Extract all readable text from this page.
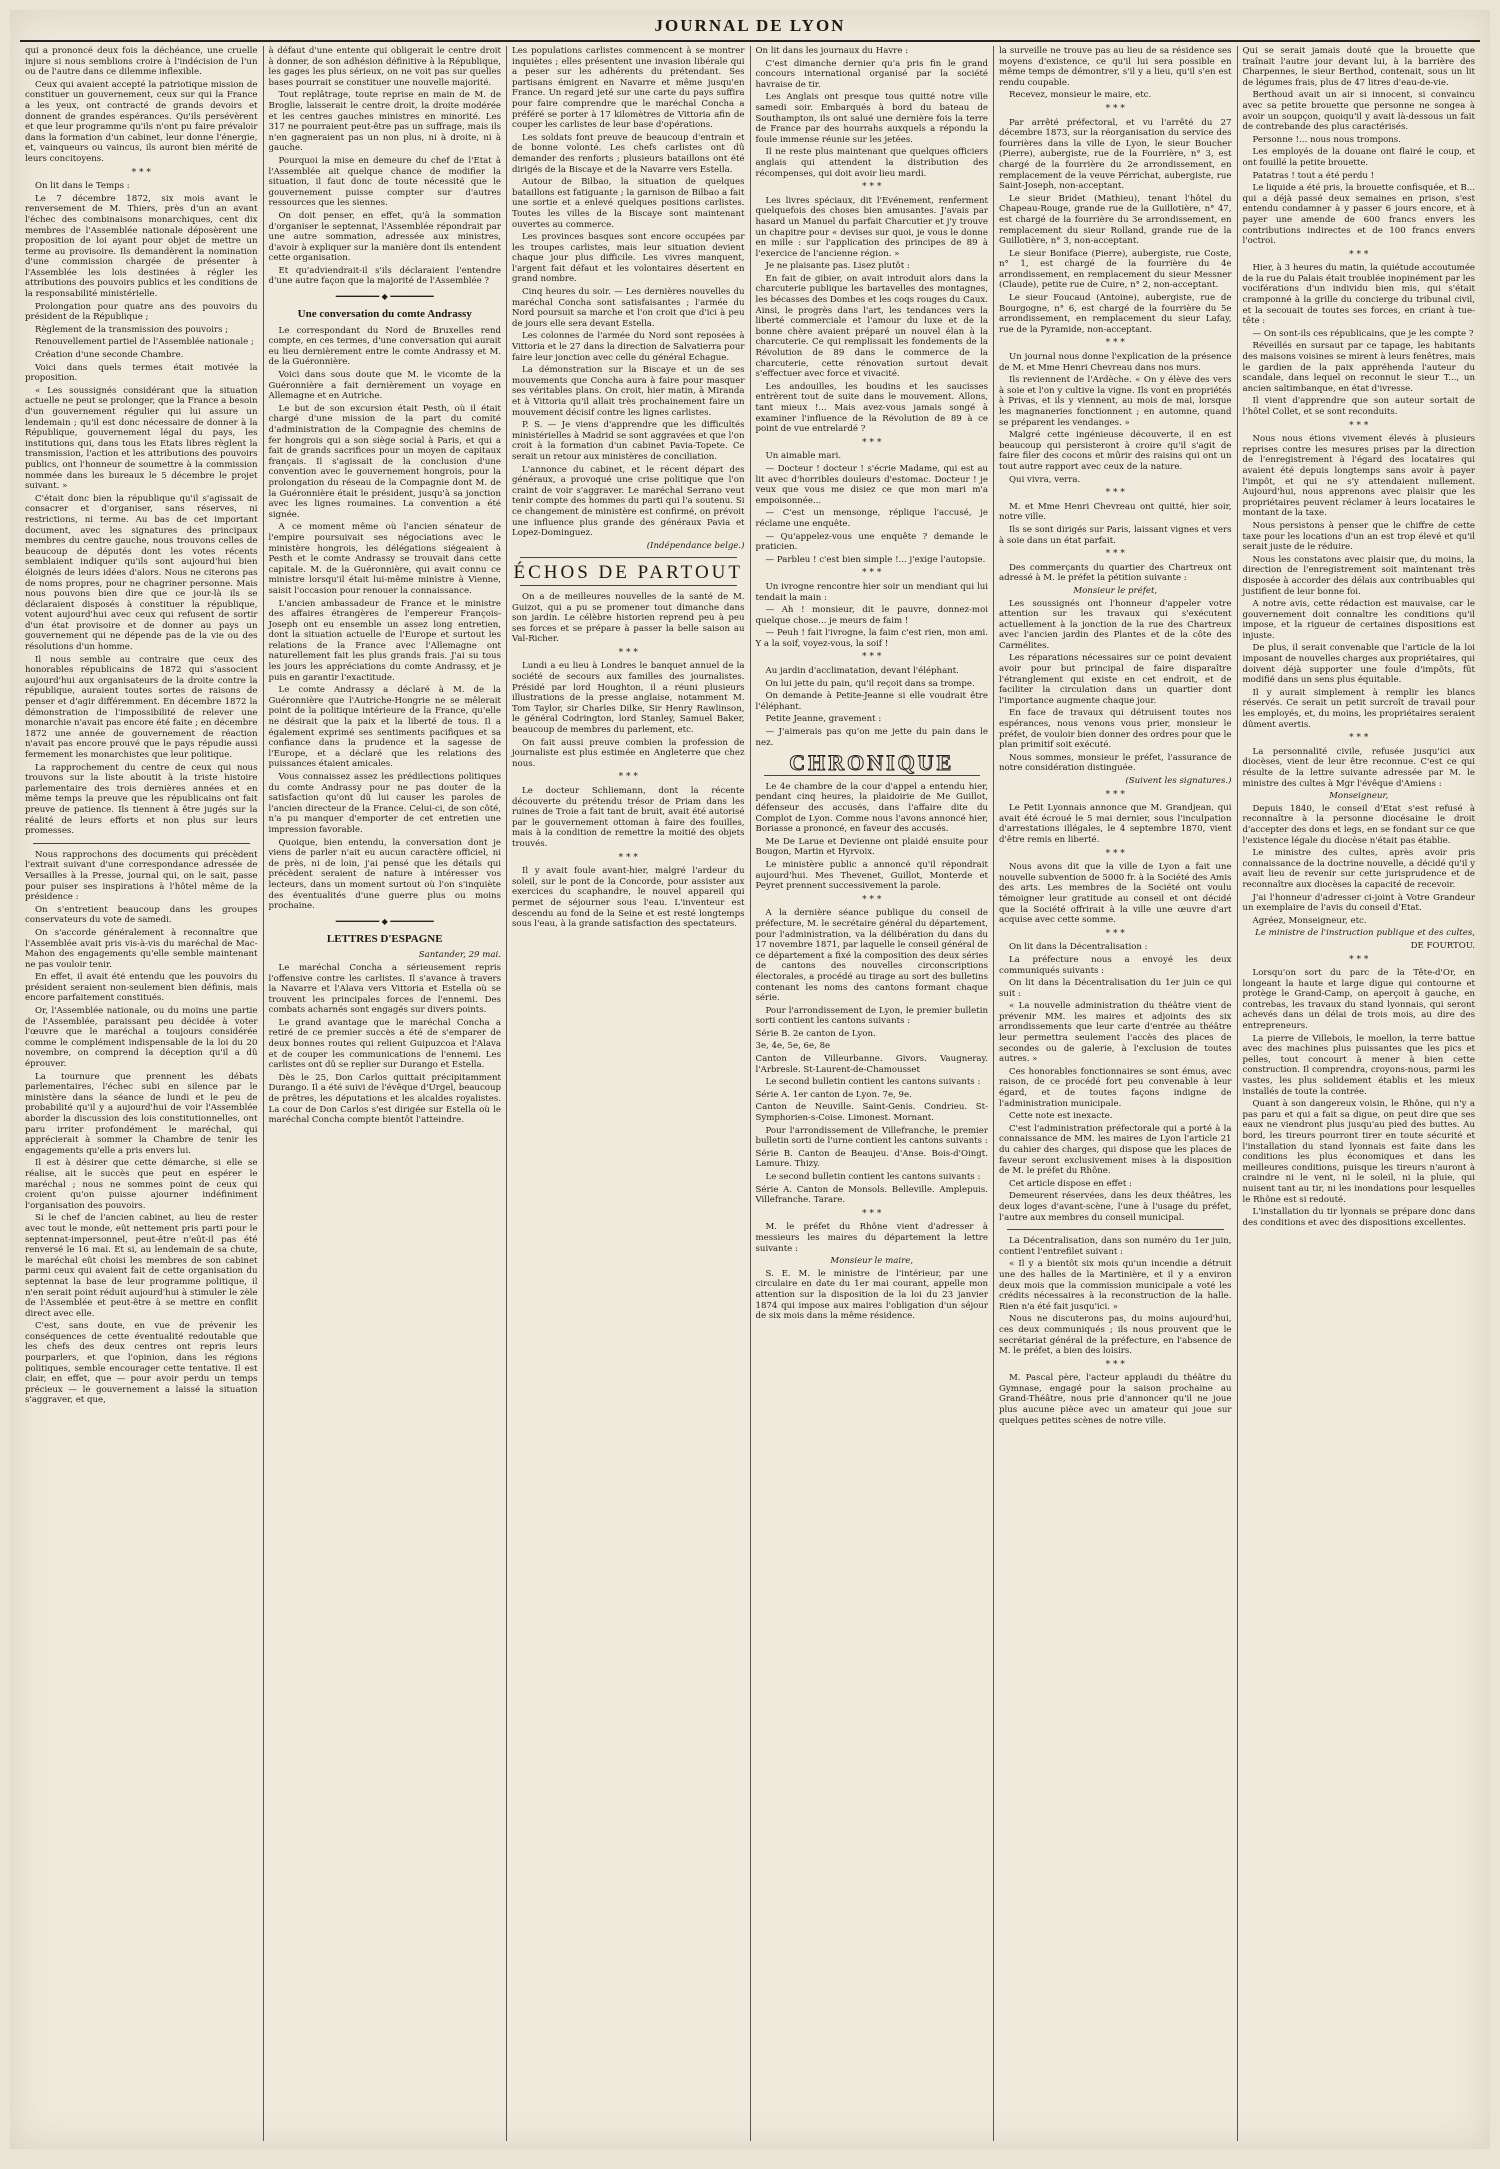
JOURNAL DE LYON

qui a prononcé deux fois la déchéance, une cruelle injure si nous semblions croire à l'indécision de l'un ou de l'autre dans ce dilemme inflexible.

Ceux qui avaient accepté la patriotique mission de constituer un gouvernement, ceux sur qui la France a les yeux, ont contracté de grands devoirs et donnent de grandes espérances. Qu'ils persévèrent et que leur programme qu'ils n'ont pu faire prévaloir dans la formation d'un cabinet, leur donne l'énergie, et, vainqueurs ou vaincus, ils auront bien mérité de leurs concitoyens.

* * *

On lit dans le Temps :

Le 7 décembre 1872, six mois avant le renversement de M. Thiers, près d'un an avant l'échec des combinaisons monarchiques, cent dix membres de l'Assemblée nationale déposèrent une proposition de loi ayant pour objet de mettre un terme au provisoire. Ils demandèrent la nomination d'une commission chargée de présenter à l'Assemblée les lois destinées à régler les attributions des pouvoirs publics et les conditions de la responsabilité ministérielle.

Prolongation pour quatre ans des pouvoirs du président de la République ;

Règlement de la transmission des pouvoirs ;

Renouvellement partiel de l'Assemblée nationale ;

Création d'une seconde Chambre.

Voici dans quels termes était motivée la proposition.

« Les soussignés considérant que la situation actuelle ne peut se prolonger, que la France a besoin d'un gouvernement régulier qui lui assure un lendemain ; qu'il est donc nécessaire de donner à la République, gouvernement légal du pays, les institutions qui, dans tous les Etats libres règlent la transmission, l'action et les attributions des pouvoirs publics, ont l'honneur de soumettre à la commission nommée dans les bureaux le 5 décembre le projet suivant. »

C'était donc bien la république qu'il s'agissait de consacrer et d'organiser, sans réserves, ni restrictions, ni terme. Au bas de cet important document, avec les signatures des principaux membres du centre gauche, nous trouvons celles de beaucoup de députés dont les votes récents semblaient indiquer qu'ils sont aujourd'hui bien éloignés de leurs idées d'alors. Nous ne citerons pas de noms propres, pour ne chagriner personne. Mais nous pouvons bien dire que ce jour-là ils se déclaraient disposés à constituer la république, votent aujourd'hui avec ceux qui refusent de sortir d'un état provisoire et de donner au pays un gouvernement qui ne dépende pas de la vie ou des résolutions d'un homme.

Il nous semble au contraire que ceux des honorables républicains de 1872 qui s'associent aujourd'hui aux organisateurs de la droite contre la république, auraient toutes sortes de raisons de penser et d'agir différemment. En décembre 1872 la démonstration de l'impossibilité de relever une monarchie n'avait pas encore été faite ; en décembre 1872 une année de gouvernement de réaction n'avait pas encore prouvé que le pays répudie aussi fermement les monarchistes que leur politique.

La rapprochement du centre de ceux qui nous trouvons sur la liste aboutit à la triste histoire parlementaire des trois dernières années et en même temps la preuve que les républicains ont fait preuve de patience. Ils tiennent à être jugés sur la réalité de leurs efforts et non plus sur leurs promesses.

Nous rapprochons des documents qui précèdent l'extrait suivant d'une correspondance adressée de Versailles à la Presse, journal qui, on le sait, passe pour puiser ses inspirations à l'hôtel même de la présidence :

On s'entretient beaucoup dans les groupes conservateurs du vote de samedi.

On s'accorde généralement à reconnaître que l'Assemblée avait pris vis-à-vis du maréchal de Mac-Mahon des engagements qu'elle semble maintenant ne pas vouloir tenir.

En effet, il avait été entendu que les pouvoirs du président seraient non-seulement bien définis, mais encore parfaitement constitués.

Or, l'Assemblée nationale, ou du moins une partie de l'Assemblée, paraissant peu décidée à voter l'œuvre que le maréchal a toujours considérée comme le complément indispensable de la loi du 20 novembre, on comprend la déception qu'il a dû éprouver.

La tournure que prennent les débats parlementaires, l'échec subi en silence par le ministère dans la séance de lundi et le peu de probabilité qu'il y a aujourd'hui de voir l'Assemblée aborder la discussion des lois constitutionnelles, ont paru irriter profondément le maréchal, qui apprécierait à sommer la Chambre de tenir les engagements qu'elle a pris envers lui.

Il est à désirer que cette démarche, si elle se réalise, ait le succès que peut en espérer le maréchal ; nous ne sommes point de ceux qui croient qu'on puisse ajourner indéfiniment l'organisation des pouvoirs.

Si le chef de l'ancien cabinet, au lieu de rester avec tout le monde, eût nettement pris parti pour le septennat-impersonnel, peut-être n'eût-il pas été renversé le 16 mai. Et si, au lendemain de sa chute, le maréchal eût choisi les membres de son cabinet parmi ceux qui avaient fait de cette organisation du septennat la base de leur programme politique, il n'en serait point réduit aujourd'hui à stimuler le zèle de l'Assemblée et peut-être à se mettre en conflit direct avec elle.

C'est, sans doute, en vue de prévenir les conséquences de cette éventualité redoutable que les chefs des deux centres ont repris leurs pourparlers, et que l'opinion, dans les régions politiques, semble encourager cette tentative. Il est clair, en effet, que — pour avoir perdu un temps précieux — le gouvernement a laissé la situation s'aggraver, et que,

à défaut d'une entente qui obligerait le centre droit à donner, de son adhésion définitive à la République, les gages les plus sérieux, on ne voit pas sur quelles bases pourrait se constituer une nouvelle majorité.

Tout replâtrage, toute reprise en main de M. de Broglie, laisserait le centre droit, la droite modérée et les centres gauches ministres en minorité. Les 317 ne pourraient peut-être pas un suffrage, mais ils n'en gagneraient pas un non plus, ni à droite, ni à gauche.

Pourquoi la mise en demeure du chef de l'Etat à l'Assemblée ait quelque chance de modifier la situation, il faut donc de toute nécessité que le gouvernement puisse compter sur d'autres ressources que les siennes.

On doit penser, en effet, qu'à la sommation d'organiser le septennat, l'Assemblée répondrait par une autre sommation, adressée aux ministres, d'avoir à expliquer sur la manière dont ils entendent cette organisation.

Et qu'adviendrait-il s'ils déclaraient l'entendre d'une autre façon que la majorité de l'Assemblée ?

━━━━━━━━━ ◆ ━━━━━━━━━
Une conversation du comte Andrassy

Le correspondant du Nord de Bruxelles rend compte, en ces termes, d'une conversation qui aurait eu lieu dernièrement entre le comte Andrassy et M. de la Guéronnière.

Voici dans sous doute que M. le vicomte de la Guéronnière a fait dernièrement un voyage en Allemagne et en Autriche.

Le but de son excursion était Pesth, où il était chargé d'une mission de la part du comité d'administration de la Compagnie des chemins de fer hongrois qui a son siège social à Paris, et qui a fait de grands sacrifices pour un moyen de capitaux français. Il s'agissait de la conclusion d'une convention avec le gouvernement hongrois, pour la prolongation du réseau de la Compagnie dont M. de la Guéronnière était le président, jusqu'à sa jonction avec les lignes roumaines. La convention a été signée.

A ce moment même où l'ancien sénateur de l'empire poursuivait ses négociations avec le ministère hongrois, les délégations siégeaient à Pesth et le comte Andrassy se trouvait dans cette capitale. M. de la Guéronnière, qui avait connu ce ministre lorsqu'il était lui-même ministre à Vienne, saisit l'occasion pour renouer la connaissance.

L'ancien ambassadeur de France et le ministre des affaires étrangères de l'empereur François-Joseph ont eu ensemble un assez long entretien, dont la situation actuelle de l'Europe et surtout les relations de la France avec l'Allemagne ont naturellement fait les plus grands frais. J'ai su tous les jours les appréciations du comte Andrassy, et je puis en garantir l'exactitude.

Le comte Andrassy a déclaré à M. de la Guéronnière que l'Autriche-Hongrie ne se mêlerait point de la politique intérieure de la France, qu'elle ne désirait que la paix et la liberté de tous. Il a également exprimé ses sentiments pacifiques et sa confiance dans la prudence et la sagesse de l'Europe, et a déclaré que les relations des puissances étaient amicales.

Vous connaissez assez les prédilections politiques du comte Andrassy pour ne pas douter de la satisfaction qu'ont dû lui causer les paroles de l'ancien directeur de la France. Celui-ci, de son côté, n'a pu manquer d'emporter de cet entretien une impression favorable.

Quoique, bien entendu, la conversation dont je viens de parler n'ait eu aucun caractère officiel, ni de près, ni de loin, j'ai pensé que les détails qui précèdent seraient de nature à intéresser vos lecteurs, dans un moment surtout où l'on s'inquiète des éventualités d'une guerre plus ou moins prochaine.

━━━━━━━━━ ◆ ━━━━━━━━━
LETTRES D'ESPAGNE

Santander, 29 mai.

Le maréchal Concha a sérieusement repris l'offensive contre les carlistes. Il s'avance à travers la Navarre et l'Alava vers Vittoria et Estella où se trouvent les principales forces de l'ennemi. Des combats acharnés sont engagés sur divers points.

Le grand avantage que le maréchal Concha a retiré de ce premier succès a été de s'emparer de deux bonnes routes qui relient Guipuzcoa et l'Alava et de couper les communications de l'ennemi. Les carlistes ont dû se replier sur Durango et Estella.

Dès le 25, Don Carlos quittait précipitamment Durango. Il a été suivi de l'évêque d'Urgel, beaucoup de prêtres, les députations et les alcaldes royalistes. La cour de Don Carlos s'est dirigée sur Estella où le maréchal Concha compte bientôt l'atteindre.

Les populations carlistes commencent à se montrer inquiètes ; elles présentent une invasion libérale qui a peser sur les adhérents du prétendant. Ses partisans émigrent en Navarre et même jusqu'en France. Un regard jeté sur une carte du pays suffira pour faire comprendre que le maréchal Concha a préféré se porter à 17 kilomètres de Vittoria afin de couper les carlistes de leur base d'opérations.

Les soldats font preuve de beaucoup d'entrain et de bonne volonté. Les chefs carlistes ont dû demander des renforts ; plusieurs bataillons ont été dirigés de la Biscaye et de la Navarre vers Estella.

Autour de Bilbao, la situation de quelques bataillons est fatiguante ; la garnison de Bilbao a fait une sortie et a enlevé quelques positions carlistes. Toutes les villes de la Biscaye sont maintenant ouvertes au commerce.

Les provinces basques sont encore occupées par les troupes carlistes, mais leur situation devient chaque jour plus difficile. Les vivres manquent, l'argent fait défaut et les volontaires désertent en grand nombre.

Cinq heures du soir. — Les dernières nouvelles du maréchal Concha sont satisfaisantes ; l'armée du Nord poursuit sa marche et l'on croit que d'ici à peu de jours elle sera devant Estella.

Les colonnes de l'armée du Nord sont reposées à Vittoria et le 27 dans la direction de Salvatierra pour faire leur jonction avec celle du général Echague.

La démonstration sur la Biscaye et un de ses mouvements que Concha aura à faire pour masquer ses véritables plans. On croit, hier matin, à Miranda et à Vittoria qu'il allait très prochainement faire un mouvement décisif contre les lignes carlistes.

P. S. — Je viens d'apprendre que les difficultés ministérielles à Madrid se sont aggravées et que l'on croit à la formation d'un cabinet Pavia-Topete. Ce serait un retour aux ministères de conciliation.

L'annonce du cabinet, et le récent départ des généraux, a provoqué une crise politique que l'on craint de voir s'aggraver. Le maréchal Serrano veut tenir compte des hommes du parti qui l'a soutenu. Si ce changement de ministère est confirmé, on prévoit une influence plus grande des généraux Pavia et Lopez-Dominguez.

(Indépendance belge.)

ÉCHOS DE PARTOUT

On a de meilleures nouvelles de la santé de M. Guizot, qui a pu se promener tout dimanche dans son jardin. Le célèbre historien reprend peu à peu ses forces et se prépare à passer la belle saison au Val-Richer.

* * *

Lundi a eu lieu à Londres le banquet annuel de la société de secours aux familles des journalistes. Présidé par lord Houghton, il a réuni plusieurs illustrations de la presse anglaise, notamment M. Tom Taylor, sir Charles Dilke, Sir Henry Rawlinson, le général Codrington, lord Stanley, Samuel Baker, beaucoup de membres du parlement, etc.

On fait aussi preuve combien la profession de journaliste est plus estimée en Angleterre que chez nous.

* * *

Le docteur Schliemann, dont la récente découverte du prétendu trésor de Priam dans les ruines de Troie a fait tant de bruit, avait été autorisé par le gouvernement ottoman à faire des fouilles, mais à la condition de remettre la moitié des objets trouvés.

* * *

Il y avait foule avant-hier, malgré l'ardeur du soleil, sur le pont de la Concorde, pour assister aux exercices du scaphandre, le nouvel appareil qui permet de séjourner sous l'eau. L'inventeur est descendu au fond de la Seine et est resté longtemps sous l'eau, à la grande satisfaction des spectateurs.

On lit dans les journaux du Havre :

C'est dimanche dernier qu'a pris fin le grand concours international organisé par la société havraise de tir.

Les Anglais ont presque tous quitté notre ville samedi soir. Embarqués à bord du bateau de Southampton, ils ont salué une dernière fois la terre de France par des hourrahs auxquels a répondu la foule immense réunie sur les jetées.

Il ne reste plus maintenant que quelques officiers anglais qui attendent la distribution des récompenses, qui doit avoir lieu mardi.

* * *

Les livres spéciaux, dit l'Evénement, renferment quelquefois des choses bien amusantes. J'avais par hasard un Manuel du parfait Charcutier et j'y trouve un chapitre pour « devises sur quoi, je vous le donne en mille : sur l'application des principes de 89 à l'exercice de l'ancienne région. »

Je ne plaisante pas. Lisez plutôt :

En fait de gibier, on avait introduit alors dans la charcuterie publique les bartavelles des montagnes, les bécasses des Dombes et les coqs rouges du Caux. Ainsi, le progrès dans l'art, les tendances vers la liberté commerciale et l'amour du luxe et de la bonne chère avaient préparé un nouvel élan à la charcuterie. Ce qui remplissait les fondements de la Révolution de 89 dans le commerce de la charcuterie, cette rénovation surtout devait s'effectuer avec force et vivacité.

Les andouilles, les boudins et les saucisses entrèrent tout de suite dans le mouvement. Allons, tant mieux !... Mais avez-vous jamais songé à examiner l'influence de la Révolution de 89 à ce point de vue entrelardé ?

* * *

Un aimable mari.

— Docteur ! docteur ! s'écrie Madame, qui est au lit avec d'horribles douleurs d'estomac. Docteur ! je veux que vous me disiez ce que mon mari m'a empoisonnée...

— C'est un mensonge, réplique l'accusé, je réclame une enquête.

— Qu'appelez-vous une enquête ? demande le praticien.

— Parbleu ! c'est bien simple !... j'exige l'autopsie.

* * *

Un ivrogne rencontre hier soir un mendiant qui lui tendait la main :

— Ah ! monsieur, dit le pauvre, donnez-moi quelque chose... je meurs de faim !

— Peuh ! fait l'ivrogne, la faim c'est rien, mon ami. Y a la soif, voyez-vous, la soif !

* * *

Au jardin d'acclimatation, devant l'éléphant.

On lui jette du pain, qu'il reçoit dans sa trompe.

On demande à Petite-Jeanne si elle voudrait être l'éléphant.

Petite Jeanne, gravement :

— J'aimerais pas qu'on me jette du pain dans le nez.

CHRONIQUE

Le 4e chambre de la cour d'appel a entendu hier, pendant cinq heures, la plaidoirie de Me Guillot, défenseur des accusés, dans l'affaire dite du Complot de Lyon. Comme nous l'avons annoncé hier, Boriasse a prononcé, en faveur des accusés.

Me De Larue et Devienne ont plaidé ensuite pour Bougon, Martin et Hyrvoix.

Le ministère public a annoncé qu'il répondrait aujourd'hui. Mes Thevenet, Guillot, Monterde et Peyret prennent successivement la parole.

* * *

A la dernière séance publique du conseil de préfecture, M. le secrétaire général du département, pour l'administration, va la délibération du dans du 17 novembre 1871, par laquelle le conseil général de ce département a fixé la composition des deux séries de cantons des nouvelles circonscriptions électorales, a procédé au tirage au sort des bulletins contenant les noms des cantons formant chaque série.

Pour l'arrondissement de Lyon, le premier bulletin sorti contient les cantons suivants :

Série B. 2e canton de Lyon.

3e, 4e, 5e, 6e, 8e

Canton de Villeurbanne. Givors. Vaugneray. l'Arbresle. St-Laurent-de-Chamousset

Le second bulletin contient les cantons suivants :

Série A. 1er canton de Lyon. 7e, 9e.

Canton de Neuville. Saint-Genis. Condrieu. St-Symphorien-s-Coise. Limonest. Mornant.

Pour l'arrondissement de Villefranche, le premier bulletin sorti de l'urne contient les cantons suivants :

Série B. Canton de Beaujeu. d'Anse. Bois-d'Oingt. Lamure. Thizy.

Le second bulletin contient les cantons suivants :

Série A. Canton de Monsols. Belleville. Amplepuis. Villefranche. Tarare.

* * *

M. le préfet du Rhône vient d'adresser à messieurs les maires du département la lettre suivante :

Monsieur le maire,

S. E. M. le ministre de l'intérieur, par une circulaire en date du 1er mai courant, appelle mon attention sur la disposition de la loi du 23 janvier 1874 qui impose aux maires l'obligation d'un séjour de six mois dans la même résidence.

la surveille ne trouve pas au lieu de sa résidence ses moyens d'existence, ce qu'il lui sera possible en même temps de démontrer, s'il y a lieu, qu'il s'en est rendu coupable.

Recevez, monsieur le maire, etc.

* * *

Par arrêté préfectoral, et vu l'arrêté du 27 décembre 1873, sur la réorganisation du service des fourrières dans la ville de Lyon, le sieur Boucher (Pierre), aubergiste, rue de la Fourrière, n° 3, est chargé de la fourrière du 2e arrondissement, en remplacement de la veuve Pérrichat, aubergiste, rue Saint-Joseph, non-acceptant.

Le sieur Bridet (Mathieu), tenant l'hôtel du Chapeau-Rouge, grande rue de la Guillotière, n° 47, est chargé de la fourrière du 3e arrondissement, en remplacement du sieur Rolland, grande rue de la Guillotière, n° 3, non-acceptant.

Le sieur Boniface (Pierre), aubergiste, rue Coste, n° 1, est chargé de la fourrière du 4e arrondissement, en remplacement du sieur Messner (Claude), petite rue de Cuire, n° 2, non-acceptant.

Le sieur Foucaud (Antoine), aubergiste, rue de Bourgogne, n° 6, est chargé de la fourrière du 5e arrondissement, en remplacement du sieur Lafay, rue de la Pyramide, non-acceptant.

* * *

Un journal nous donne l'explication de la présence de M. et Mme Henri Chevreau dans nos murs.

Ils reviennent de l'Ardèche. « On y élève des vers à soie et l'on y cultive la vigne. Ils vont en propriétés à Privas, et ils y viennent, au mois de mai, lorsque les magnaneries fonctionnent ; en automne, quand se préparent les vendanges. »

Malgré cette ingénieuse découverte, il en est beaucoup qui persisteront à croire qu'il s'agit de faire filer des cocons et mûrir des raisins qui ont un tout autre rapport avec ceux de la nature.

Qui vivra, verra.

* * *

M. et Mme Henri Chevreau ont quitté, hier soir, notre ville.

Ils se sont dirigés sur Paris, laissant vignes et vers à soie dans un état parfait.

* * *

Des commerçants du quartier des Chartreux ont adressé à M. le préfet la pétition suivante :

Monsieur le préfet,

Les soussignés ont l'honneur d'appeler votre attention sur les travaux qui s'exécutent actuellement à la jonction de la rue des Chartreux avec l'ancien jardin des Plantes et de la côte des Carmélites.

Les réparations nécessaires sur ce point devaient avoir pour but principal de faire disparaître l'étranglement qui existe en cet endroit, et de faciliter la circulation dans un quartier dont l'importance augmente chaque jour.

En face de travaux qui détruisent toutes nos espérances, nous venons vous prier, monsieur le préfet, de vouloir bien donner des ordres pour que le plan primitif soit exécuté.

Nous sommes, monsieur le préfet, l'assurance de notre considération distinguée.

(Suivent les signatures.)

* * *

Le Petit Lyonnais annonce que M. Grandjean, qui avait été écroué le 5 mai dernier, sous l'inculpation d'arrestations illégales, le 4 septembre 1870, vient d'être remis en liberté.

* * *

Nous avons dit que la ville de Lyon a fait une nouvelle subvention de 5000 fr. à la Société des Amis des arts. Les membres de la Société ont voulu témoigner leur gratitude au conseil et ont décidé que la Société offrirait à la ville une œuvre d'art acquise avec cette somme.

* * *

On lit dans la Décentralisation :

La préfecture nous a envoyé les deux communiqués suivants :

On lit dans la Décentralisation du 1er juin ce qui suit :

« La nouvelle administration du théâtre vient de prévenir MM. les maires et adjoints des six arrondissements que leur carte d'entrée au théâtre leur permettra seulement l'accès des places de secondes ou de galerie, à l'exclusion de toutes autres. »

Ces honorables fonctionnaires se sont émus, avec raison, de ce procédé fort peu convenable à leur égard, et de toutes façons indigne de l'administration municipale.

Cette note est inexacte.

C'est l'administration préfectorale qui a porté à la connaissance de MM. les maires de Lyon l'article 21 du cahier des charges, qui dispose que les places de faveur seront exclusivement mises à la disposition de M. le préfet du Rhône.

Cet article dispose en effet :

Demeurent réservées, dans les deux théâtres, les deux loges d'avant-scène, l'une à l'usage du préfet, l'autre aux membres du conseil municipal.

La Décentralisation, dans son numéro du 1er juin, contient l'entrefilet suivant :

« Il y a bientôt six mois qu'un incendie a détruit une des halles de la Martinière, et il y a environ deux mois que la commission municipale a voté les crédits nécessaires à la reconstruction de la halle. Rien n'a été fait jusqu'ici. »

Nous ne discuterons pas, du moins aujourd'hui, ces deux communiqués ; ils nous prouvent que le secrétariat général de la préfecture, en l'absence de M. le préfet, a bien des loisirs.

* * *

M. Pascal père, l'acteur applaudi du théâtre du Gymnase, engagé pour la saison prochaine au Grand-Théâtre, nous prie d'annoncer qu'il ne joue plus aucune pièce avec un amateur qui joue sur quelques petites scènes de notre ville.

Qui se serait jamais douté que la brouette que traînait l'autre jour devant lui, à la barrière des Charpennes, le sieur Berthod, contenait, sous un lit de légumes frais, plus de 47 litres d'eau-de-vie.

Berthoud avait un air si innocent, si convaincu avec sa petite brouette que personne ne songea à avoir un soupçon, quoiqu'il y avait là-dessous un fait de contrebande des plus caractérisés.

Personne !... nous nous trompons.

Les employés de la douane ont flairé le coup, et ont fouillé la petite brouette.

Patatras ! tout a été perdu !

Le liquide a été pris, la brouette confisquée, et B... qui a déjà passé deux semaines en prison, s'est entendu condamner à y passer 6 jours encore, et à payer une amende de 600 francs envers les contributions indirectes et de 100 francs envers l'octroi.

* * *

Hier, à 3 heures du matin, la quiétude accoutumée de la rue du Palais était troublée inopinément par les vociférations d'un individu bien mis, qui s'était cramponné à la grille du concierge du tribunal civil, et la secouait de toutes ses forces, en criant à tue-tête :

— On sont-ils ces républicains, que je les compte ?

Réveillés en sursaut par ce tapage, les habitants des maisons voisines se mirent à leurs fenêtres, mais le gardien de la paix appréhenda l'auteur du scandale, dans lequel on reconnut le sieur T..., un ancien saltimbanque, en état d'ivresse.

Il vient d'apprendre que son auteur sortait de l'hôtel Collet, et se sont reconduits.

* * *

Nous nous étions vivement élevés à plusieurs reprises contre les mesures prises par la direction de l'enregistrement à l'égard des locataires qui avaient été depuis longtemps sans avoir à payer l'impôt, et qui ne s'y attendaient nullement. Aujourd'hui, nous apprenons avec plaisir que les propriétaires peuvent réclamer à leurs locataires le montant de la taxe.

Nous persistons à penser que le chiffre de cette taxe pour les locations d'un an est trop élevé et qu'il serait juste de le réduire.

Nous les constatons avec plaisir que, du moins, la direction de l'enregistrement soit maintenant très disposée à accorder des délais aux contribuables qui justifient de leur bonne foi.

A notre avis, cette rédaction est mauvaise, car le gouvernement doit connaître les conditions qu'il impose, et la rigueur de certaines dispositions est injuste.

De plus, il serait convenable que l'article de la loi imposant de nouvelles charges aux propriétaires, qui doivent déjà supporter une foule d'impôts, fût modifié dans un sens plus équitable.

Il y aurait simplement à remplir les blancs réservés. Ce serait un petit surcroît de travail pour les employés, et, du moins, les propriétaires seraient dûment avertis.

* * *

La personnalité civile, refusée jusqu'ici aux diocèses, vient de leur être reconnue. C'est ce qui résulte de la lettre suivante adressée par M. le ministre des cultes à Mgr l'évêque d'Amiens :

Monseigneur,

Depuis 1840, le conseil d'Etat s'est refusé à reconnaître à la personne diocésaine le droit d'accepter des dons et legs, en se fondant sur ce que l'existence légale du diocèse n'était pas établie.

Le ministre des cultes, après avoir pris connaissance de la doctrine nouvelle, a décidé qu'il y avait lieu de revenir sur cette jurisprudence et de reconnaître aux diocèses la capacité de recevoir.

J'ai l'honneur d'adresser ci-joint à Votre Grandeur un exemplaire de l'avis du conseil d'Etat.

Agréez, Monseigneur, etc.

Le ministre de l'instruction publique et des cultes,

DE FOURTOU.

* * *

Lorsqu'on sort du parc de la Tête-d'Or, en longeant la haute et large digue qui contourne et protège le Grand-Camp, on aperçoit à gauche, en contrebas, les travaux du stand lyonnais, qui seront achevés dans un délai de trois mois, au dire des entrepreneurs.

La pierre de Villebois, le moellon, la terre battue avec des machines plus puissantes que les pics et pelles, tout concourt à mener à bien cette construction. Il comprendra, croyons-nous, parmi les vastes, les plus solidement établis et les mieux installés de toute la contrée.

Quant à son dangereux voisin, le Rhône, qui n'y a pas paru et qui a fait sa digue, on peut dire que ses eaux ne viendront plus jusqu'au pied des buttes. Au bord, les tireurs pourront tirer en toute sécurité et l'installation du stand lyonnais est faite dans les conditions les plus économiques et dans les meilleures conditions, puisque les tireurs n'auront à craindre ni le vent, ni le soleil, ni la pluie, qui nuisent tant au tir, ni les inondations pour lesquelles le Rhône est si redouté.

L'installation du tir lyonnais se prépare donc dans des conditions et avec des dispositions excellentes.
